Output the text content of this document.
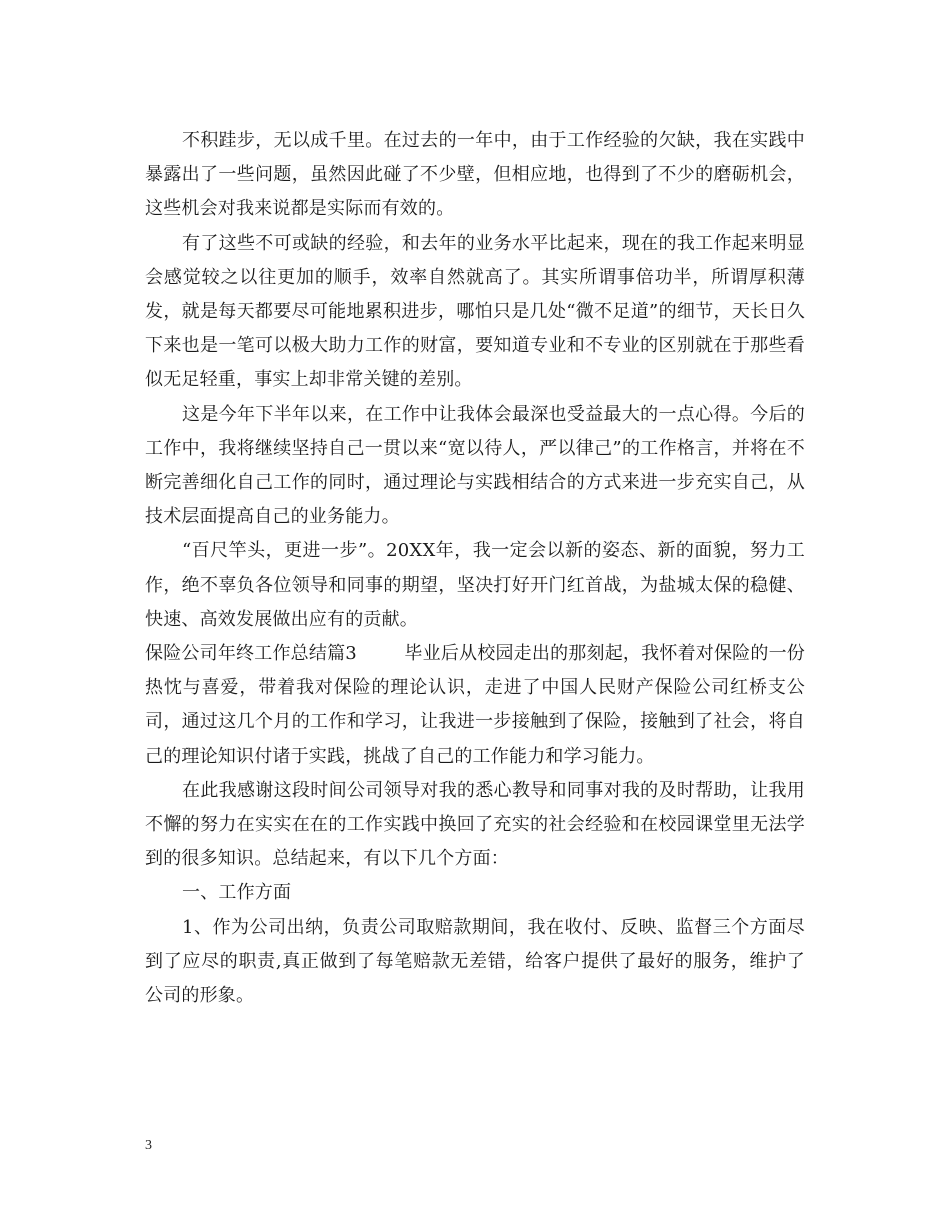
不积跬步，无以成千里。在过去的一年中，由于工作经验的欠缺，我在实践中暴露出了一些问题，虽然因此碰了不少壁，但相应地，也得到了不少的磨砺机会，这些机会对我来说都是实际而有效的。

有了这些不可或缺的经验，和去年的业务水平比起来，现在的我工作起来明显会感觉较之以往更加的顺手，效率自然就高了。其实所谓事倍功半，所谓厚积薄发，就是每天都要尽可能地累积进步，哪怕只是几处“微不足道”的细节，天长日久下来也是一笔可以极大助力工作的财富，要知道专业和不专业的区别就在于那些看似无足轻重，事实上却非常关键的差别。

这是今年下半年以来，在工作中让我体会最深也受益最大的一点心得。今后的工作中，我将继续坚持自己一贯以来“宽以待人，严以律己”的工作格言，并将在不断完善细化自己工作的同时，通过理论与实践相结合的方式来进一步充实自己，从技术层面提高自己的业务能力。

“百尺竿头，更进一步”。20XX年，我一定会以新的姿态、新的面貌，努力工作，绝不辜负各位领导和同事的期望，坚决打好开门红首战，为盐城太保的稳健、快速、高效发展做出应有的贡献。

保险公司年终工作总结篇3	毕业后从校园走出的那刻起，我怀着对保险的一份热忱与喜爱，带着我对保险的理论认识，走进了中国人民财产保险公司红桥支公司，通过这几个月的工作和学习，让我进一步接触到了保险，接触到了社会，将自己的理论知识付诸于实践，挑战了自己的工作能力和学习能力。

在此我感谢这段时间公司领导对我的悉心教导和同事对我的及时帮助，让我用不懈的努力在实实在在的工作实践中换回了充实的社会经验和在校园课堂里无法学到的很多知识。总结起来，有以下几个方面：

一、工作方面

1、作为公司出纳，负责公司取赔款期间，我在收付、反映、监督三个方面尽到了应尽的职责,真正做到了每笔赔款无差错，给客户提供了最好的服务，维护了公司的形象。

3
